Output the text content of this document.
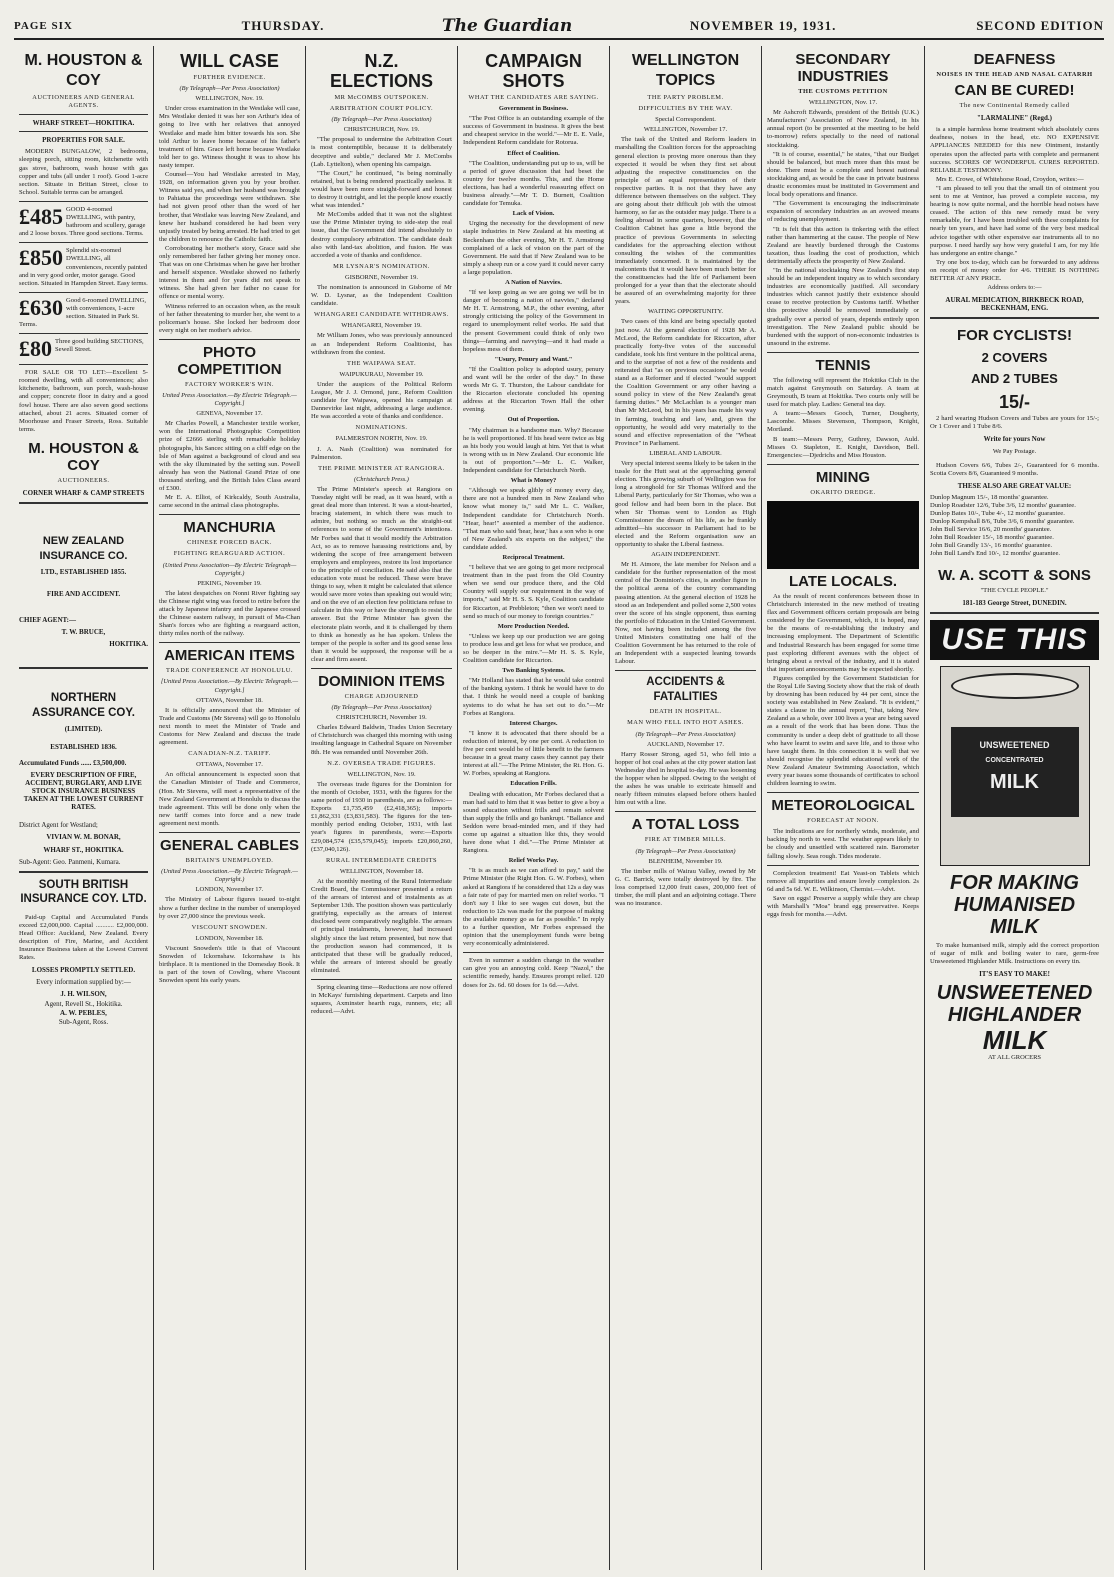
PAGE SIX	THURSDAY.	The Guardian	NOVEMBER 19, 1931.	SECOND EDITION
M. HOUSTON & COY
AUCTIONEERS AND GENERAL AGENTS.
WHARF STREET—HOKITIKA.
PROPERTIES FOR SALE.

MODERN BUNGALOW, 2 bedrooms, sleeping porch, sitting room, kitchenette with gas stove, bathroom, wash house with gas copper and tubs (all under 1 roof). Good 1-acre section. Situate in Brittan Street, close to School. Suitable terms can be arranged.

£485 GOOD 4-roomed DWELLING, with pantry, bathroom and scullery, garage and 2 loose boxes. Three good sections. Terms.
£850 Splendid six-roomed DWELLING, all conveniences, recently painted and in very good order, motor garage. Good section. Situated in Hampden Street. Easy terms.
£630 Good 6-roomed DWELLING, with conveniences, 1-acre section. Situated in Park St. Terms.
£80 Three good building SECTIONS, Sewell Street.

FOR SALE OR TO LET:—Excellent 5-roomed dwelling, with all conveniences; also kitchenette, bathroom, sun porch, wash-house and copper; concrete floor in dairy and a good fowl house. There are also seven good sections attached, about 21 acres. Situated corner of Moorhouse and Fraser Streets, Ross. Suitable terms.

M. HOUSTON & COY
AUCTIONEERS.
CORNER WHARF & CAMP STREETS
NEW ZEALAND INSURANCE CO.
LTD., ESTABLISHED 1855.
FIRE AND ACCIDENT.
CHIEF AGENT:—
T. W. BRUCE,
HOKITIKA.
NORTHERN ASSURANCE COY.
(LIMITED).
ESTABLISHED 1836.
Accumulated Funds ...... £3,500,000.
EVERY DESCRIPTION OF FIRE, ACCIDENT, BURGLARY, AND LIVE STOCK INSURANCE BUSINESS TAKEN AT THE LOWEST CURRENT RATES.
District Agent for Westland;
VIVIAN W. M. BONAR,
WHARF ST., HOKITIKA.
Sub-Agent: Geo. Panmeni, Kumara.
SOUTH BRITISH INSURANCE COY. LTD.

Paid-up Capital and Accumulated Funds exceed £2,000,000. Capital ........... £2,000,000. Head Office: Auckland, New Zealand. Every description of Fire, Marine, and Accident Insurance Business taken at the Lowest Current Rates.

LOSSES PROMPTLY SETTLED.
Every information supplied by:—
J. H. WILSON,
Agent, Revell St., Hokitika.
A. W. PEBLES,
Sub-Agent, Ross.
WILL CASE
FURTHER EVIDENCE.
(By Telegraph—Per Press Association)
WELLINGTON, Nov. 19.

Under cross examination in the Westlake will case, Mrs Westlake denied it was her son Arthur's idea of going to live with her relatives that annoyed Westlake and made him bitter towards his son. She told Arthur to leave home because of his father's treatment of him. Grace left home because Westlake told her to go. Witness thought it was to show his nasty temper.

Counsel—You had Westlake arrested in May, 1928, on information given you by your brother. Witness said yes, and when her husband was brought to Pahiatua the proceedings were withdrawn. She had not given proof other than the word of her brother, that Westlake was leaving New Zealand, and knew her husband considered he had been very unjustly treated by being arrested. He had tried to get the children to renounce the Catholic faith.

Corroborating her mother's story, Grace said she only remembered her father giving her money once. That was on one Christmas when he gave her brother and herself sixpence. Westlake showed no fatherly interest in them and for years did not speak to witness. She had given her father no cause for offence or mental worry.

Witness referred to an occasion when, as the result of her father threatening to murder her, she went to a policeman's house. She locked her bedroom door every night on her mother's advice.

PHOTO COMPETITION
FACTORY WORKER'S WIN.
United Press Association.—By Electric Telegraph.—Copyright.]
GENEVA, November 17.

Mr Charles Powell, a Manchester textile worker, won the International Photographic Competition prize of £2666 sterling with remarkable holiday photographs, his Sancec sitting on a cliff edge on the Isle of Man against a background of cloud and sea with the sky illuminated by the setting sun. Powell already has won the National Grand Prize of one thousand sterling, and the British Isles Class award of £300.

Mr E. A. Elliot, of Kirkcaldy, South Australia, came second in the animal class photographs.

MANCHURIA
CHINESE FORCED BACK.
FIGHTING REARGUARD ACTION.
(United Press Association—By Electric Telegraph—Copyright.)
PEKING, November 19.

The latest despatches on Nonni River fighting say the Chinese right wing was forced to retire before the attack by Japanese infantry and the Japanese crossed the Chinese eastern railway, in pursuit of Ma-Chan Shan's forces who are fighting a rearguard action, thirty miles north of the railway.

AMERICAN ITEMS
TRADE CONFERENCE AT HONOLULU.
[United Press Association.—By Electric Telegraph.—Copyright.]
OTTAWA, November 18.

It is officially announced that the Minister of Trade and Customs (Mr Stevens) will go to Honolulu next month to meet the Minister of Trade and Customs for New Zealand and discuss the trade agreement.

CANADIAN-N.Z. TARIFF.
OTTAWA, November 17.

An official announcement is expected soon that the Canadian Minister of Trade and Commerce, (Hon. Mr Stevens, will meet a representative of the New Zealand Government at Honolulu to discuss the trade agreement. This will be done only when the new tariff comes into force and a new trade agreement next month.

GENERAL CABLES
BRITAIN'S UNEMPLOYED.
(United Press Association.—By Electric Telegraph.—Copyright.)
LONDON, November 17.

The Ministry of Labour figures issued to-night show a further decline in the number of unemployed by over 27,000 since the previous week.

VISCOUNT SNOWDEN.
LONDON, November 18.

Viscount Snowden's title is that of Viscount Snowden of Ickornshaw. Ickornshaw is his birthplace. It is mentioned in the Domesday Book. It is part of the town of Cowling, where Viscount Snowden spent his early years.

N.Z. ELECTIONS
MR McCOMBS OUTSPOKEN.
ARBITRATION COURT POLICY.
(By Telegraph—Per Press Association)
CHRISTCHURCH, Nov. 19.

"The proposal to undermine the Arbitration Court is most contemptible, because it is deliberately deceptive and subtle," declared Mr J. McCombs (Lab. Lyttelton), when opening his campaign.

"The Court," he continued, "is being nominally retained, but is being rendered practically useless. It would have been more straight-forward and honest to destroy it outright, and let the people know exactly what was intended."

Mr McCombs added that it was not the slightest use the Prime Minister trying to side-step the real issue, that the Government did intend absolutely to destroy compulsory arbitration. The candidate dealt also with land-tax abolition, and fusion. He was accorded a vote of thanks and confidence.

MR LYSNAR'S NOMINATION.
GISBORNE, November 19.

The nomination is announced in Gisborne of Mr W. D. Lysnar, as the Independent Coalition candidate.

WHANGAREI CANDIDATE WITHDRAWS.
WHANGAREI, November 19.

Mr William Jones, who was previously announced as an Independent Reform Coalitionist, has withdrawn from the contest.

THE WAIPAWA SEAT.
WAIPUKURAU, November 19.

Under the auspices of the Political Reform League, Mr J. J. Ormond, junr., Reform Coalition candidate for Waipawa, opened his campaign at Dannevirke last night, addressing a large audience. He was accorded a vote of thanks and confidence.

NOMINATIONS.
PALMERSTON NORTH, Nov. 19.

J. A. Nash (Coalition) was nominated for Palmerston.

THE PRIME MINISTER AT RANGIORA.
(Christchurch Press.)

The Prime Minister's speech at Rangiora on Tuesday night will be read, as it was heard, with a great deal more than interest. It was a stout-hearted, bracing statement, in which there was much to admire, but nothing so much as the straight-out references to some of the Government's intentions. Mr Forbes said that it would modify the Arbitration Act, so as to remove harassing restrictions and, by widening the scope of free arrangement between employers and employees, restore its lost importance to the principle of conciliation. He said also that the education vote must be reduced. These were brave things to say, when it might be calculated that silence would save more votes than speaking out would win; and on the eve of an election few politicians refuse to calculate in this way or have the strength to resist the answer. But the Prime Minister has given the electorate plain words, and it is challenged by them to think as honestly as he has spoken. Unless the temper of the people is softer and its good sense less than it would be supposed, the response will be a clear and firm assent.

DOMINION ITEMS
CHARGE ADJOURNED
(By Telegraph—Per Press Association)
CHRISTCHURCH, November 19.

Charles Edward Baldwin, Trades Union Secretary of Christchurch was charged this morning with using insulting language in Cathedral Square on November 8th. He was remanded until November 26th.

N.Z. OVERSEA TRADE FIGURES.
WELLINGTON, Nov. 19.

The overseas trade figures for the Dominion for the month of October, 1931, with the figures for the same period of 1930 in parenthesis, are as follows:—Exports £1,735,459 (£2,418,365); imports £1,862,331 (£3,831,583). The figures for the ten-monthly period ending October, 1931, with last year's figures in parenthesis, were:—Exports £29,084,574 (£35,579,045); imports £20,860,260, (£37,040,126).

RURAL INTERMEDIATE CREDITS
WELLINGTON, November 18.

At the monthly meeting of the Rural Intermediate Credit Board, the Commissioner presented a return of the arrears of interest and of instalments as at September 13th. The position shown was particularly gratifying, especially as the arrears of interest disclosed were comparatively negligible. The arrears of principal instalments, however, had increased slightly since the last return presented, but now that the production season had commenced, it is anticipated that these will be gradually reduced, while the arrears of interest should be greatly eliminated.

Spring cleaning time—Reductions are now offered in McKays' furnishing department. Carpets and lino squares, Axminster hearth rugs, runners, etc; all reduced.—Advt.

CAMPAIGN SHOTS
WHAT THE CANDIDATES ARE SAYING.
Government in Business.

"The Post Office is an outstanding example of the success of Government in business. It gives the best and cheapest service in the world."—Mr E. E. Vaile, Independent Reform candidate for Rotorua.

Effect of Coalition.

"The Coalition, understanding put up to us, will be a period of grave discussion that had beset the country for twelve months. This, and the Home elections, has had a wonderful reassuring effect on business already."—Mr T. D. Burnett, Coalition candidate for Temuka.

Lack of Vision.

Urging the necessity for the development of new staple industries in New Zealand at his meeting at Beckenham the other evening, Mr H. T. Armstrong complained of a lack of vision on the part of the Government. He said that if New Zealand was to be simply a sheep run or a cow yard it could never carry a large population.

A Nation of Navvies.

"If we keep going as we are going we will be in danger of becoming a nation of navvies," declared Mr H. T. Armstrong, M.P., the other evening, after strongly criticising the policy of the Government in regard to unemployment relief works. He said that the present Government could think of only two things—farming and navvying—and it had made a hopeless mess of them.

"Usury, Penury and Want."

"If the Coalition policy is adopted usury, penury and want will be the order of the day." In these words Mr G. T. Thurston, the Labour candidate for the Riccarton electorate concluded his opening address at the Riccarton Town Hall the other evening.

Out of Proportion.

"My chairman is a handsome man. Why? Because he is well proportioned. If his head were twice as big as his body you would laugh at him. Yet that is what is wrong with us in New Zealand. Our economic life is out of proportion."—Mr L. C. Walker, Independent candidate for Christchurch North.

What is Money?

"Although we speak glibly of money every day, there are not a hundred men in New Zealand who know what money is," said Mr L. C. Walker, Independent candidate for Christchurch North. "Hear, hear!" assented a member of the audience. "That man who said 'hear, hear,' has a son who is one of New Zealand's six experts on the subject," the candidate added.

Reciprocal Treatment.

"I believe that we are going to get more reciprocal treatment than in the past from the Old Country when we send our produce there, and the Old Country will supply our requirement in the way of imports," said Mr H. S. S. Kyle, Coalition candidate for Riccarton, at Prebbleton; "then we won't need to send so much of our money to foreign countries."

More Production Needed.

"Unless we keep up our production we are going to produce less and get less for what we produce, and so be deeper in the mire."—Mr H. S. S. Kyle, Coalition candidate for Riccarton.

Two Banking Systems.

"Mr Holland has stated that he would take control of the banking system. I think he would have to do that. I think he would need a couple of banking systems to do what he has set out to do."—Mr Forbes at Rangiora.

Interest Charges.

"I know it is advocated that there should be a reduction of interest, by one per cent. A reduction to five per cent would be of little benefit to the farmers because in a great many cases they cannot pay their interest at all."—The Prime Minister, the Rt. Hon. G. W. Forbes, speaking at Rangiora.

Education Frills.

Dealing with education, Mr Forbes declared that a man had said to him that it was better to give a boy a sound education without frills and remain solvent than supply the frills and go bankrupt. "Ballance and Seddon were broad-minded men, and if they had come up against a situation like this, they would have done what I did."—The Prime Minister at Rangiora.

Relief Works Pay.

"It is as much as we can afford to pay," said the Prime Minister (the Right Hon. G. W. Forbes), when asked at Rangiora if he considered that 12s a day was a fair rate of pay for married men on relief works. "I don't say I like to see wages cut down, but the reduction to 12s was made for the purpose of making the available money go as far as possible." In reply to a further question, Mr Forbes expressed the opinion that the unemployment funds were being very economically administered.

Even in summer a sudden change in the weather can give you an annoying cold. Keep "Nazol," the scientific remedy, handy. Ensures prompt relief. 120 doses for 2s. 6d. 60 doses for 1s 6d.—Advt.

WELLINGTON TOPICS
THE PARTY PROBLEM.
DIFFICULTIES BY THE WAY.
Special Correspondent.
WELLINGTON, November 17.

The task of the United and Reform leaders in marshalling the Coalition forces for the approaching general election is proving more onerous than they expected it would be when they first set about adjusting the respective constituencies on the principle of an equal representation of their respective parties. It is not that they have any difference between themselves on the subject. They are going about their difficult job with the utmost harmony, so far as the outsider may judge. There is a feeling abroad in some quarters, however, that the Coalition Cabinet has gone a little beyond the practice of previous Governments in selecting candidates for the approaching election without consulting the wishes of the communities immediately concerned. It is maintained by the malcontents that it would have been much better for the constituencies had the life of Parliament been prolonged for a year than that the electorate should be assured of an overwhelming majority for three years.

WAITING OPPORTUNITY.

Two cases of this kind are being specially quoted just now. At the general election of 1928 Mr A. McLeod, the Reform candidate for Riccarton, after practically forty-five votes of the successful candidate, took his first venture in the political arena, and to the surprise of not a few of the residents and reiterated that "as on previous occasions" he would stand as a Reformer and if elected "would support the Coalition Government or any other having a sound policy in view of the New Zealand's great farming duties." Mr McLachlan is a younger man than Mr McLeod, but in his years has made his way in farming, teaching and law, and, given the opportunity, he would add very materially to the sound and effective representation of the "Wheat Province" in Parliament.

LIBERAL AND LABOUR.

Very special interest seems likely to be taken in the tussle for the Hutt seat at the approaching general election. This growing suburb of Wellington was for long a stronghold for Sir Thomas Wilford and the Liberal Party, particularly for Sir Thomas, who was a good fellow and had been born in the place. But when Sir Thomas went to London as High Commissioner the dream of his life, as he frankly admitted—his successor in Parliament had to be elected and the Reform organisation saw an opportunity to shake the Liberal fastness.

AGAIN INDEPENDENT.

Mr H. Atmore, the late member for Nelson and a candidate for the further representation of the most central of the Dominion's cities, is another figure in the political arena of the country commanding passing attention. At the general election of 1928 he stood as an Independent and polled some 2,500 votes over the score of his single opponent, thus earning the portfolio of Education in the United Government. Now, not having been included among the five United Ministers constituting one half of the Coalition Government he has returned to the role of an Independent with a suspected leaning towards Labour.

ACCIDENTS & FATALITIES
DEATH IN HOSPITAL.
MAN WHO FELL INTO HOT ASHES.
(By Telegraph—Per Press Association)
AUCKLAND, November 17.

Harry Rosser Strong, aged 51, who fell into a hopper of hot coal ashes at the city power station last Wednesday died in hospital to-day. He was loosening the hopper when he slipped. Owing to the weight of the ashes he was unable to extricate himself and nearly fifteen minutes elapsed before others hauled him out with a line.

A TOTAL LOSS
FIRE AT TIMBER MILLS.
(By Telegraph—Per Press Association)
BLENHEIM, November 19.

The timber mills of Wairau Valley, owned by Mr G. C. Barrick, were totally destroyed by fire. The loss comprised 12,000 fruit cases, 200,000 feet of timber, the mill plant and an adjoining cottage. There was no insurance.

SECONDARY INDUSTRIES
THE CUSTOMS PETITION
WELLINGTON, Nov. 17.

Mr Ashcroft Edwards, president of the British (U.K.) Manufacturers' Association of New Zealand, in his annual report (to be presented at the meeting to be held to-morrow) refers specially to the need of national stocktaking.

"It is of course, essential," he states, "that our Budget should be balanced, but much more than this must be done. There must be a complete and honest national stocktaking and, as would be the case in private business drastic economies must be instituted in Government and local body operations and finance.

"The Government is encouraging the indiscriminate expansion of secondary industries as an avowed means of reducing unemployment.

"It is felt that this action is tinkering with the effect rather than hammering at the cause. The people of New Zealand are heavily burdened through the Customs taxation, thus loading the cost of production, which detrimentally affects the prosperity of New Zealand.

"In the national stocktaking New Zealand's first step should be an independent inquiry as to which secondary industries are economically justified. All secondary industries which cannot justify their existence should cease to receive protection by Customs tariff. Whether this protective should be removed immediately or gradually over a period of years, depends entirely upon investigation. The New Zealand public should be burdened with the support of non-economic industries is unsound in the extreme.

TENNIS

The following will represent the Hokitika Club in the match against Greymouth on Saturday. A team at Greymouth, B team at Hokitika. Two courts only will be used for match play. Ladies: General tea day.

A team:—Messrs Gooch, Turner, Dougherty, Lascombe. Misses Stevenson, Thompson, Knight, Mortland.

B team:—Messrs Perry, Guthrey, Dawson, Auld. Misses O. Stapleton, E. Knight, Davidson, Bell. Emergencies:—Djedrichs and Miss Houston.

MINING
OKARITO DREDGE.
LATE LOCALS.

As the result of recent conferences between those in Christchurch interested in the new method of treating flax and Government officers certain proposals are being considered by the Government, which, it is hoped, may be the means of re-establishing the industry and increasing employment. The Department of Scientific and Industrial Research has been engaged for some time past exploring different avenues with the object of bringing about a revival of the industry, and it is stated that important announcements may be expected shortly.

Figures compiled by the Government Statistician for the Royal Life Saving Society show that the risk of death by drowning has been reduced by 44 per cent, since the society was established in New Zealand. "It is evident," states a clause in the annual report, "that, taking New Zealand as a whole, over 100 lives a year are being saved as a result of the work that has been done. Thus the community is under a deep debt of gratitude to all those who have learnt to swim and save life, and to those who have taught them. In this connection it is well that we should recognise the splendid educational work of the New Zealand Amateur Swimming Association, which every year issues some thousands of certificates to school children learning to swim.

METEOROLOGICAL
FORECAST AT NOON.

The indications are for northerly winds, moderate, and backing by north to west. The weather appears likely to be cloudy and unsettled with scattered rain. Barometer falling slowly. Seas rough. Tides moderate.

Complexion treatment! Eat Yeast-on Tablets which remove all impurities and ensure lovely complexion. 2s 6d and 5s 6d. W. E. Wilkinson, Chemist.—Advt.

Save on eggs! Preserve a supply while they are cheap with Marshall's "Moa" brand egg preservative. Keeps eggs fresh for months.—Advt.

DEAFNESS
NOISES IN THE HEAD AND NASAL CATARRH
CAN BE CURED!
The new Continental Remedy called
"LARMALINE" (Regd.)

is a simple harmless home treatment which absolutely cures deafness, noises in the head, etc. NO EXPENSIVE APPLIANCES NEEDED for this new Ointment, instantly operates upon the affected parts with complete and permanent success. SCORES OF WONDERFUL CURES REPORTED. RELIABLE TESTIMONY.

Mrs E. Crowe, of Whitehorse Road, Croydon, writes:—

"I am pleased to tell you that the small tin of ointment you sent to me at Ventnor, has proved a complete success, my hearing is now quite normal, and the horrible head noises have ceased. The action of this new remedy must be very remarkable, for I have been troubled with these complaints for nearly ten years, and have had some of the very best medical advice together with other expensive ear instruments all to no purpose. I need hardly say how very grateful I am, for my life has undergone an entire change."

Try one box to-day, which can be forwarded to any address on receipt of money order for 4/6. THERE IS NOTHING BETTER AT ANY PRICE.

Address orders to:—
AURAL MEDICATION, BIRKBECK ROAD, BECKENHAM, ENG.
FOR CYCLISTS!
2 COVERS
AND 2 TUBES
15/-

2 hard wearing Hudson Covers and Tubes are yours for 15/-; Or 1 Cover and 1 Tube 8/6.

Write for yours Now
We Pay Postage.

Hudson Covers 6/6, Tubes 2/-, Guaranteed for 6 months. Scotia Covers 8/6, Guaranteed 9 months.

THESE ALSO ARE GREAT VALUE:
Dunlop Magnum 15/-, 18 months' guarantee.
Dunlop Roadster 12/6, Tube 3/6, 12 months' guarantee.
Dunlop Bates 10/-, Tube 4/-, 12 months' guarantee.
Dunlop Kempshall 8/6, Tube 3/6, 6 months' guarantee.
John Bull Service 16/6, 20 months' guarantee.
John Bull Roadster 15/-, 18 months' guarantee.
John Bull Grandly 13/-, 16 months' guarantee.
John Bull Land's End 10/-, 12 months' guarantee.
W. A. SCOTT & SONS
"THE CYCLE PEOPLE."
181-183 George Street, DUNEDIN.
USE THIS
UNSWEETENED
CONCENTRATED
MILK
FOR MAKING HUMANISED MILK

To make humanised milk, simply add the correct proportion of sugar of milk and boiling water to rare, germ-free Unsweetened Highlander Milk. Instructions on every tin.

IT'S EASY TO MAKE!
UNSWEETENED
HIGHLANDER
MILK
AT ALL GROCERS
